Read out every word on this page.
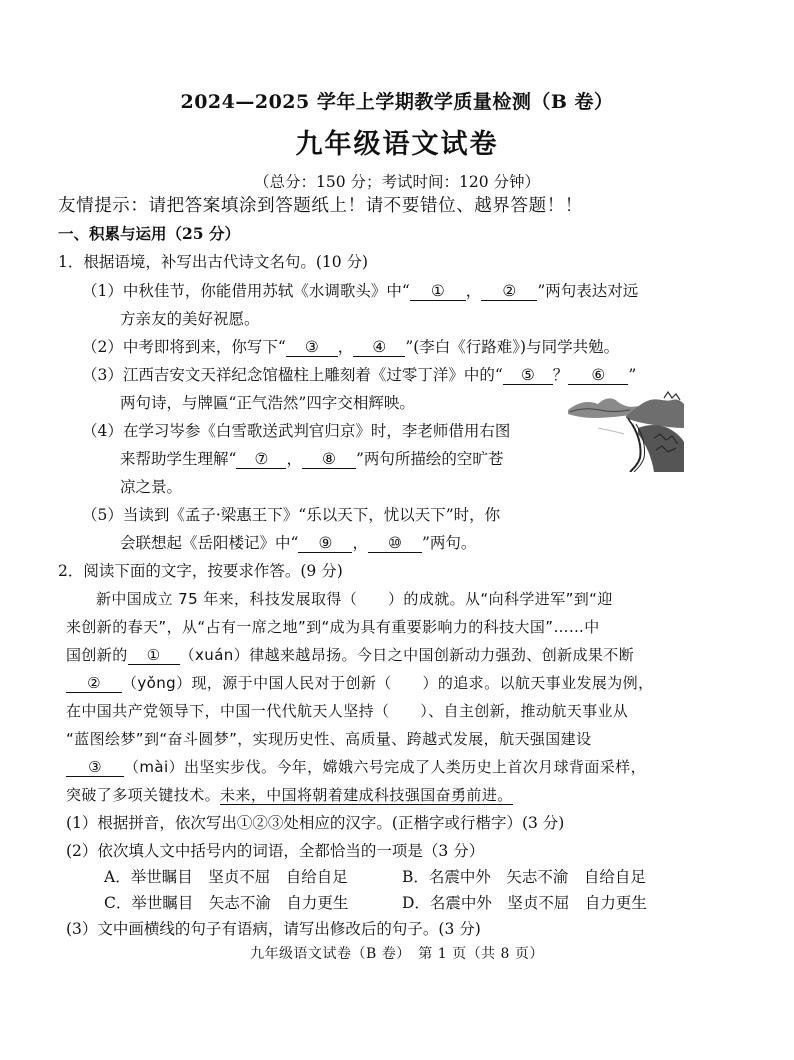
2024—2025 学年上学期教学质量检测（B 卷）
九年级语文试卷
（总分：150 分；考试时间：120 分钟）
友情提示：请把答案填涂到答题纸上！请不要错位、越界答题！！
一、积累与运用（25 分）
1．根据语境，补写出古代诗文名句。(10 分)
（1）中秋佳节，你能借用苏轼《水调歌头》中“ ① ， ② ”两句表达对远
方亲友的美好祝愿。
（2）中考即将到来，你写下“ ③ ， ④ ”(李白《行路难》)与同学共勉。
（3）江西吉安文天祥纪念馆楹柱上雕刻着《过零丁洋》中的“ ⑤ ？ ⑥ ”
两句诗，与牌匾“正气浩然”四字交相辉映。
（4）在学习岑参《白雪歌送武判官归京》时，李老师借用右图
来帮助学生理解“ ⑦ ， ⑧ ”两句所描绘的空旷苍
凉之景。
（5）当读到《孟子·梁惠王下》“乐以天下，忧以天下”时，你
会联想起《岳阳楼记》中“ ⑨ ， ⑩ ”两句。
2．阅读下面的文字，按要求作答。(9 分)
新中国成立 75 年来，科技发展取得（　　）的成就。从“向科学进军”到“迎
来创新的春天”，从“占有一席之地”到“成为具有重要影响力的科技大国”……中
国创新的 ① （xuán）律越来越昂扬。今日之中国创新动力强劲、创新成果不断
② （yǒng）现，源于中国人民对于创新（　　）的追求。以航天事业发展为例，
在中国共产党领导下，中国一代代航天人坚持（　　）、自主创新，推动航天事业从
“蓝图绘梦”到“奋斗圆梦”，实现历史性、高质量、跨越式发展，航天强国建设
③ （mài）出坚实步伐。今年，嫦娥六号完成了人类历史上首次月球背面采样，
突破了多项关键技术。未来，中国将朝着建成科技强国奋勇前进。
(1）根据拼音，依次写出①②③处相应的汉字。(正楷字或行楷字）(3 分)
(2）依次填人文中括号内的词语，全都恰当的一项是（3 分）
A．举世瞩目　坚贞不屈　自给自足	B．名震中外　矢志不渝　自给自足
C．举世瞩目　矢志不渝　自力更生	D．名震中外　坚贞不屈　自力更生
(3）文中画横线的句子有语病，请写出修改后的句子。(3 分)
九年级语文试卷（B 卷）　第 1 页（共 8 页）
